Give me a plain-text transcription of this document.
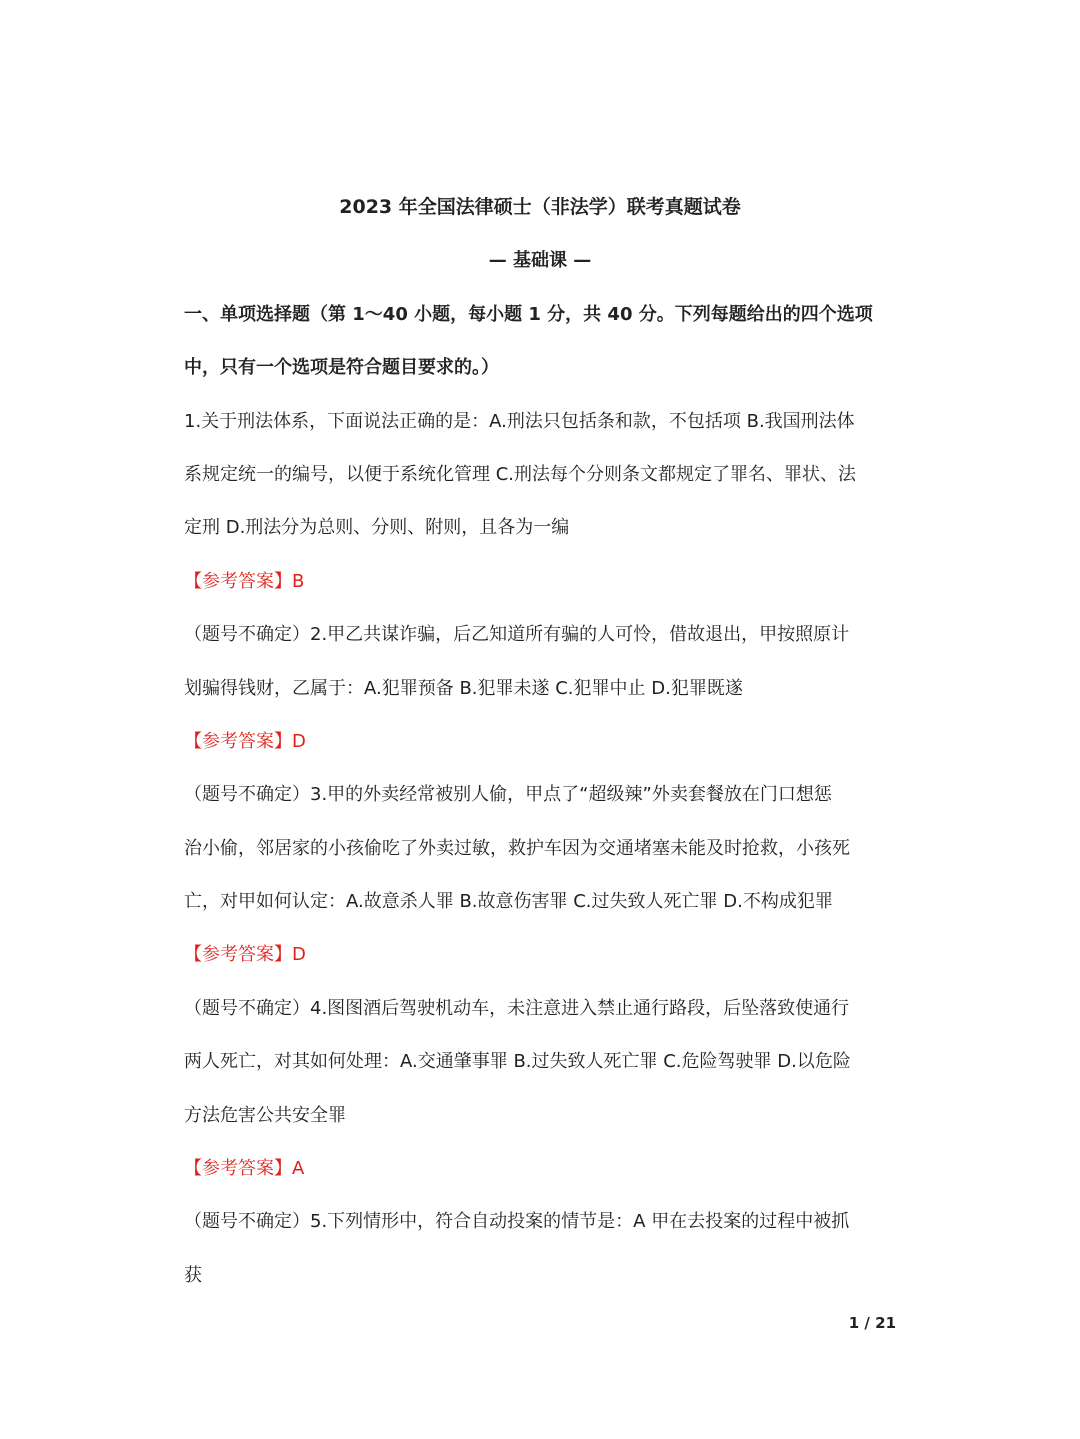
2023 年全国法律硕士（非法学）联考真题试卷
— 基础课 —
一、单项选择题（第 1～40 小题，每小题 1 分，共 40 分。下列每题给出的四个选项
中，只有一个选项是符合题目要求的。）
1.关于刑法体系，下面说法正确的是：A.刑法只包括条和款，不包括项 B.我国刑法体
系规定统一的编号，以便于系统化管理 C.刑法每个分则条文都规定了罪名、罪状、法
定刑 D.刑法分为总则、分则、附则，且各为一编
【参考答案】B
（题号不确定）2.甲乙共谋诈骗，后乙知道所有骗的人可怜，借故退出，甲按照原计
划骗得钱财，乙属于：A.犯罪预备 B.犯罪未遂 C.犯罪中止 D.犯罪既遂
【参考答案】D
（题号不确定）3.甲的外卖经常被别人偷，甲点了“超级辣”外卖套餐放在门口想惩
治小偷，邻居家的小孩偷吃了外卖过敏，救护车因为交通堵塞未能及时抢救，小孩死
亡，对甲如何认定：A.故意杀人罪 B.故意伤害罪 C.过失致人死亡罪 D.不构成犯罪
【参考答案】D
（题号不确定）4.图图酒后驾驶机动车，未注意进入禁止通行路段，后坠落致使通行
两人死亡，对其如何处理：A.交通肇事罪 B.过失致人死亡罪 C.危险驾驶罪 D.以危险
方法危害公共安全罪
【参考答案】A
（题号不确定）5.下列情形中，符合自动投案的情节是：A 甲在去投案的过程中被抓
获
1 / 21
